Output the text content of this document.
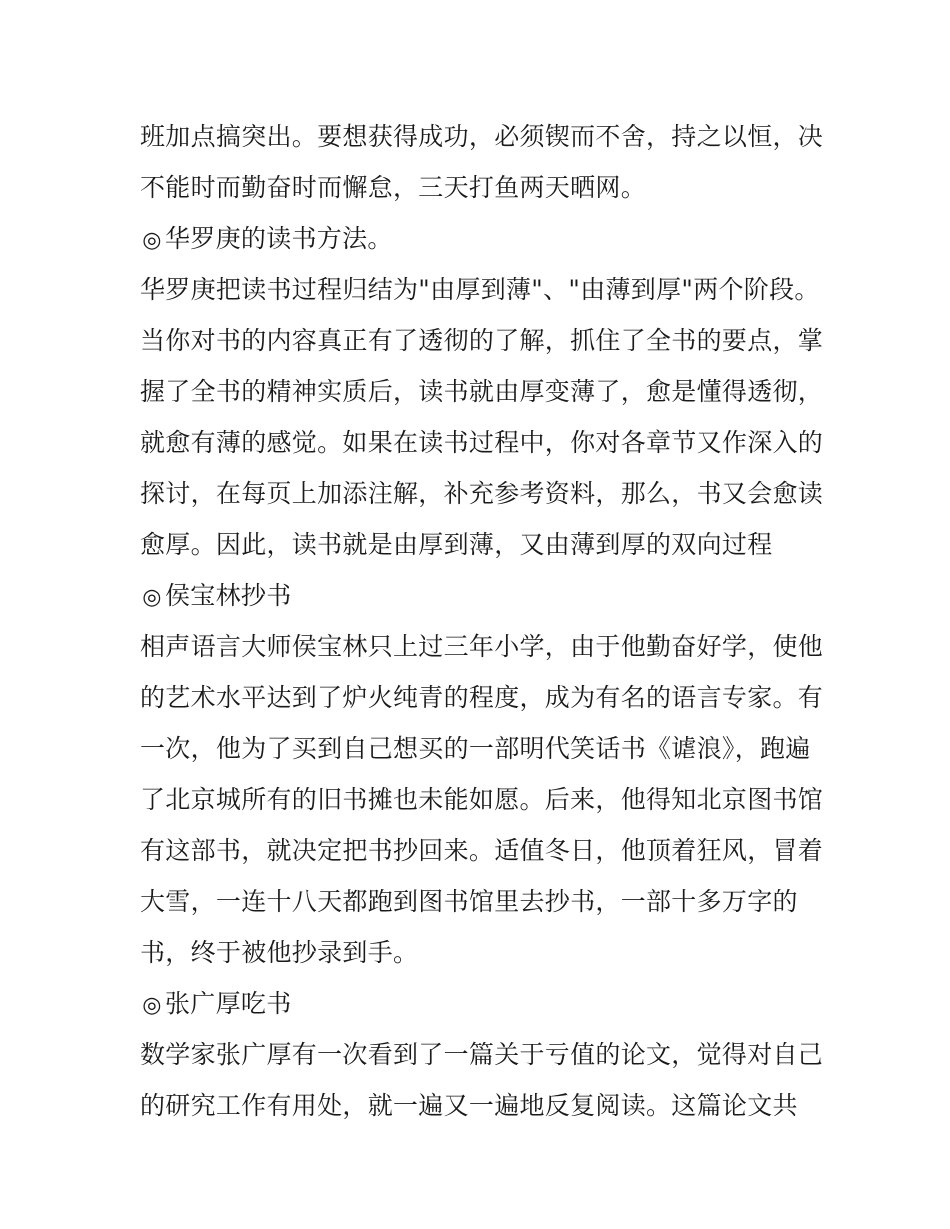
班加点搞突出。要想获得成功，必须锲而不舍，持之以恒，决
不能时而勤奋时而懈怠，三天打鱼两天晒网。
◎ 华罗庚的读书方法。
华罗庚把读书过程归结为"由厚到薄"、"由薄到厚"两个阶段。
当你对书的内容真正有了透彻的了解，抓住了全书的要点，掌
握了全书的精神实质后，读书就由厚变薄了，愈是懂得透彻，
就愈有薄的感觉。如果在读书过程中，你对各章节又作深入的
探讨，在每页上加添注解，补充参考资料，那么，书又会愈读
愈厚。因此，读书就是由厚到薄，又由薄到厚的双向过程
◎ 侯宝林抄书
相声语言大师侯宝林只上过三年小学，由于他勤奋好学，使他
的艺术水平达到了炉火纯青的程度，成为有名的语言专家。有
一次，他为了买到自己想买的一部明代笑话书《谑浪》，跑遍
了北京城所有的旧书摊也未能如愿。后来，他得知北京图书馆
有这部书，就决定把书抄回来。适值冬日，他顶着狂风，冒着
大雪，一连十八天都跑到图书馆里去抄书，一部十多万字的
书，终于被他抄录到手。
◎ 张广厚吃书
数学家张广厚有一次看到了一篇关于亏值的论文，觉得对自己
的研究工作有用处，就一遍又一遍地反复阅读。这篇论文共
